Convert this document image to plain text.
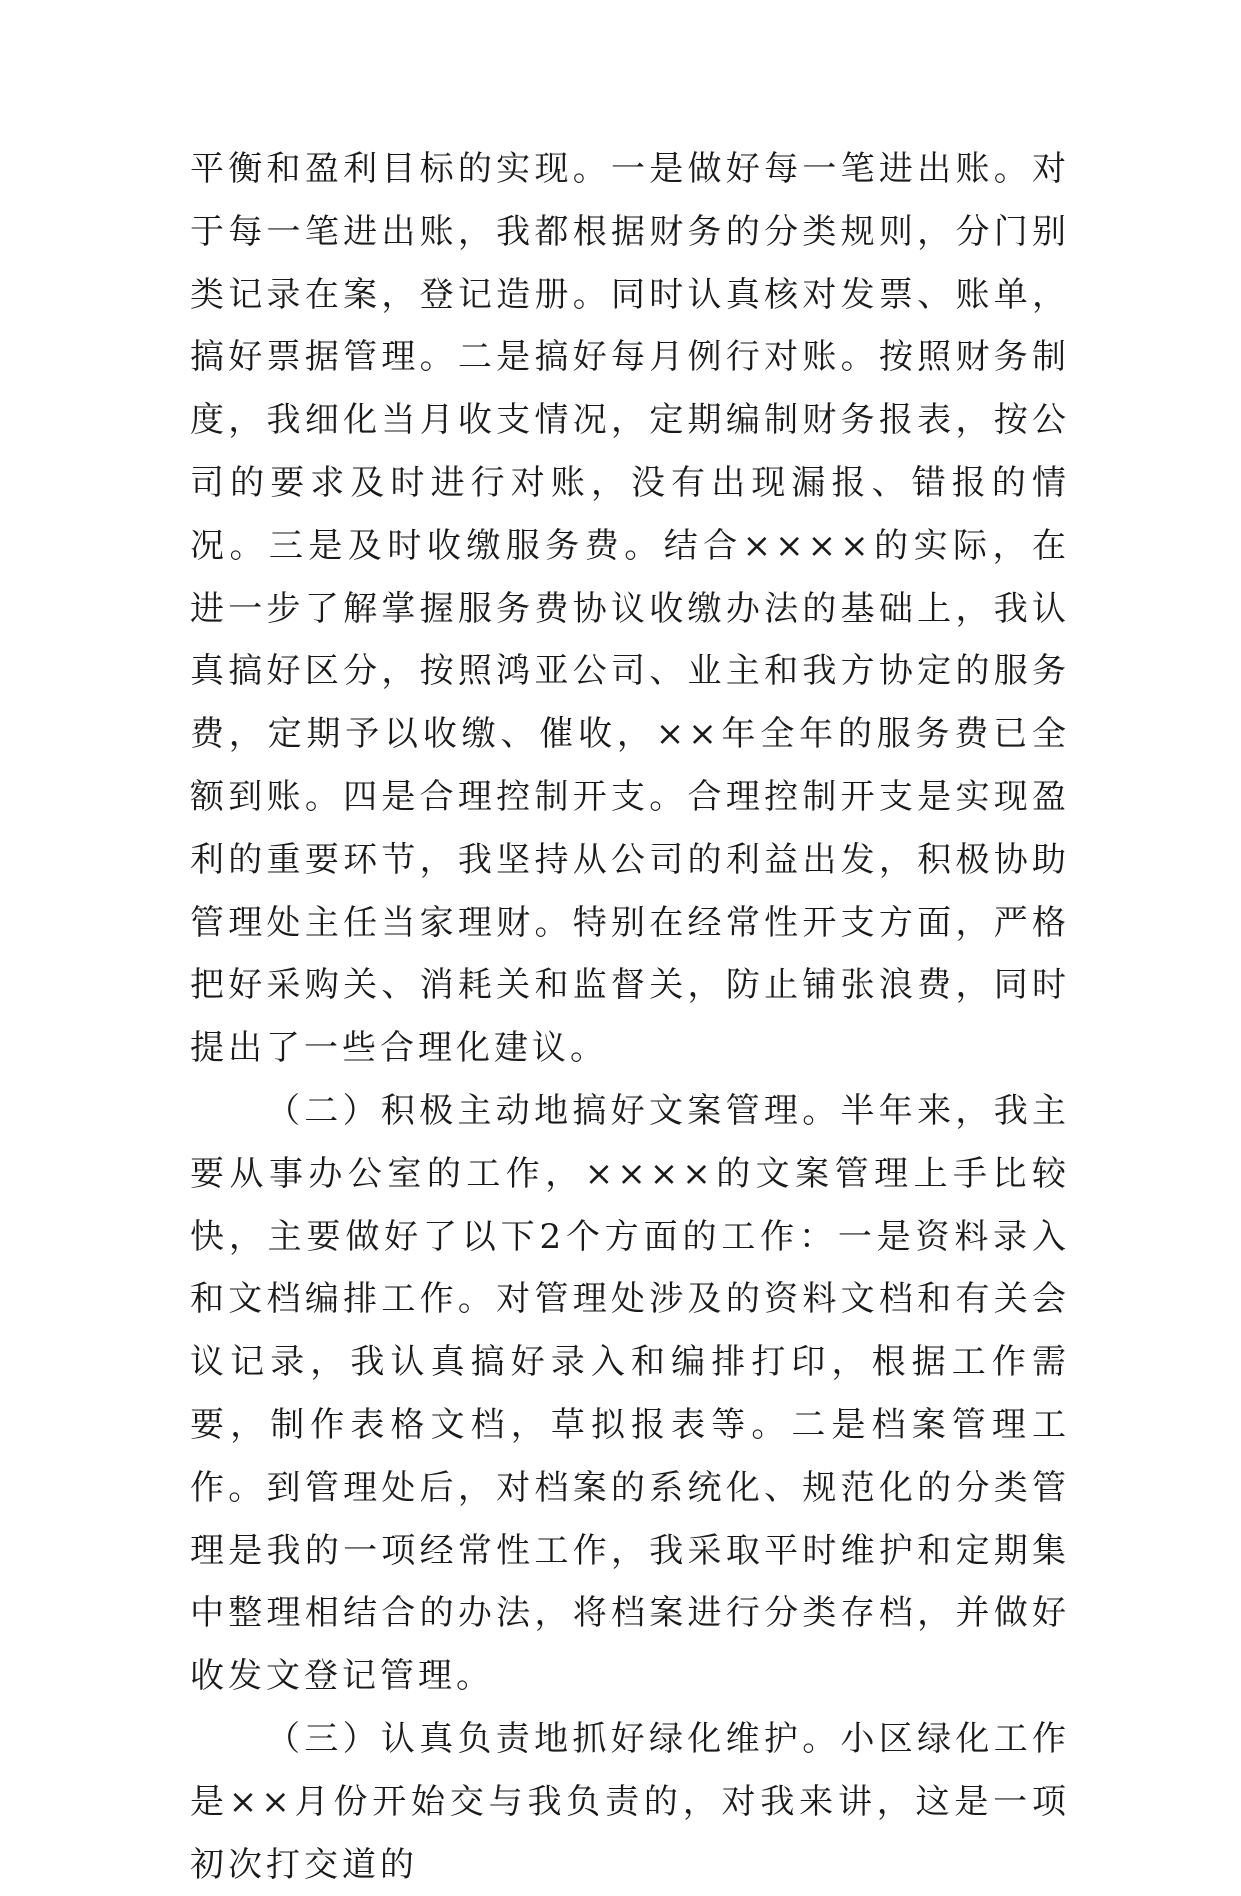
平衡和盈利目标的实现。一是做好每一笔进出账。对于每一笔进出账，我都根据财务的分类规则，分门别类记录在案，登记造册。同时认真核对发票、账单，搞好票据管理。二是搞好每月例行对账。按照财务制度，我细化当月收支情况，定期编制财务报表，按公司的要求及时进行对账，没有出现漏报、错报的情况。三是及时收缴服务费。结合××××的实际，在进一步了解掌握服务费协议收缴办法的基础上，我认真搞好区分，按照鸿亚公司、业主和我方协定的服务费，定期予以收缴、催收，××年全年的服务费已全额到账。四是合理控制开支。合理控制开支是实现盈利的重要环节，我坚持从公司的利益出发，积极协助管理处主任当家理财。特别在经常性开支方面，严格把好采购关、消耗关和监督关，防止铺张浪费，同时提出了一些合理化建议。

（二）积极主动地搞好文案管理。半年来，我主要从事办公室的工作，××××的文案管理上手比较快，主要做好了以下2个方面的工作：一是资料录入和文档编排工作。对管理处涉及的资料文档和有关会议记录，我认真搞好录入和编排打印，根据工作需要，制作表格文档，草拟报表等。二是档案管理工作。到管理处后，对档案的系统化、规范化的分类管理是我的一项经常性工作，我采取平时维护和定期集中整理相结合的办法，将档案进行分类存档，并做好收发文登记管理。

（三）认真负责地抓好绿化维护。小区绿化工作是××月份开始交与我负责的，对我来讲，这是一项初次打交道的
